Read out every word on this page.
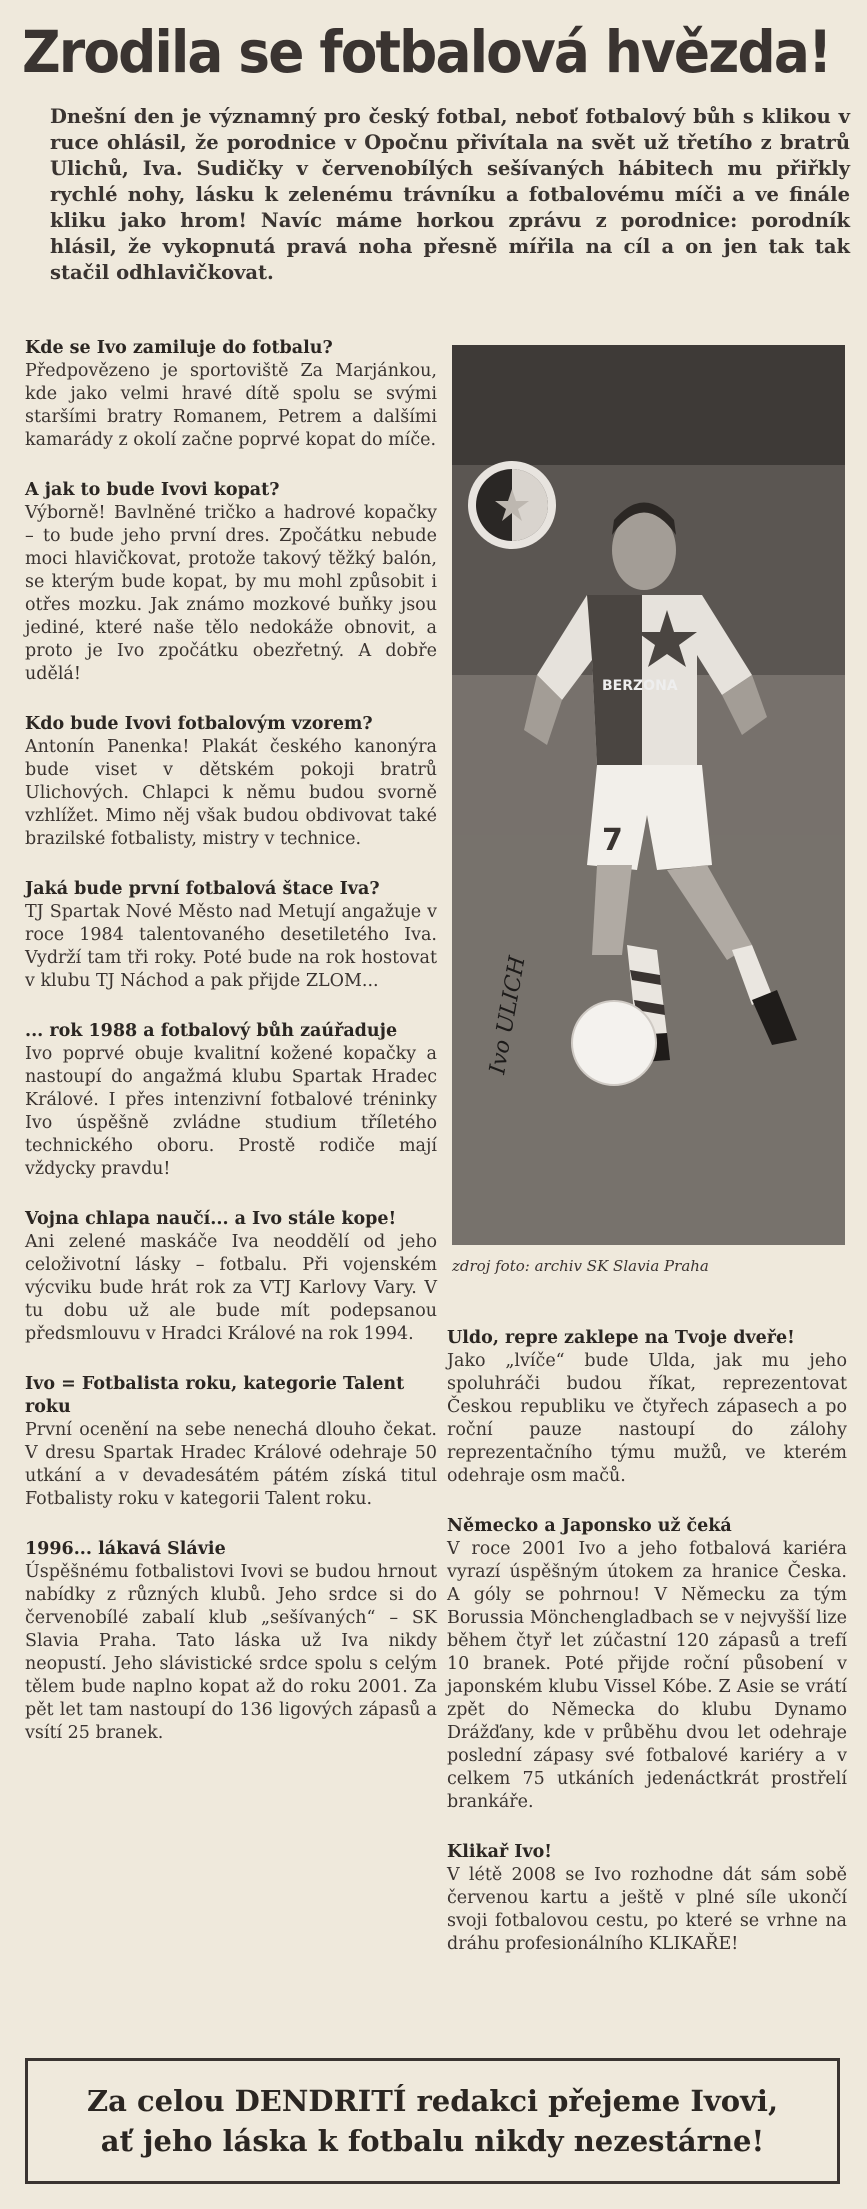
Zrodila se fotbalová hvězda!
Dnešní den je významný pro český fotbal, neboť fotbalový bůh s klikou v ruce ohlásil, že porodnice v Opočnu přivítala na svět už třetího z bratrů Ulichů, Iva. Sudičky v červenobílých sešívaných hábitech mu přiřkly rychlé nohy, lásku k zelenému trávníku a fotbalovému míči a ve finále kliku jako hrom! Navíc máme horkou zprávu z porodnice: porodník hlásil, že vykopnutá pravá noha přesně mířila na cíl a on jen tak tak stačil odhlavičkovat.
Kde se Ivo zamiluje do fotbalu?

Předpovězeno je sportoviště Za Marjánkou, kde jako velmi hravé dítě spolu se svými staršími bratry Romanem, Petrem a dalšími kamarády z okolí začne poprvé kopat do míče.

A jak to bude Ivovi kopat?

Výborně! Bavlněné tričko a hadrové kopačky – to bude jeho první dres. Zpočátku nebude moci hlavičkovat, protože takový těžký balón, se kterým bude kopat, by mu mohl způsobit i otřes mozku. Jak známo mozkové buňky jsou jediné, které naše tělo nedokáže obnovit, a proto je Ivo zpočátku obezřetný. A dobře udělá!

Kdo bude Ivovi fotbalovým vzorem?

Antonín Panenka! Plakát českého kanonýra bude viset v dětském pokoji bratrů Ulichových. Chlapci k němu budou svorně vzhlížet. Mimo něj však budou obdivovat také brazilské fotbalisty, mistry v technice.

Jaká bude první fotbalová štace Iva?

TJ Spartak Nové Město nad Metují angažuje v roce 1984 talentovaného desetiletého Iva. Vydrží tam tři roky. Poté bude na rok hostovat v klubu TJ Náchod a pak přijde ZLOM...

... rok 1988 a fotbalový bůh zaúřaduje

Ivo poprvé obuje kvalitní kožené kopačky a nastoupí do angažmá klubu Spartak Hradec Králové. I přes intenzivní fotbalové tréninky Ivo úspěšně zvládne studium tříletého technického oboru. Prostě rodiče mají vždycky pravdu!

Vojna chlapa naučí... a Ivo stále kope!

Ani zelené maskáče Iva neoddělí od jeho celoživotní lásky – fotbalu. Při vojenském výcviku bude hrát rok za VTJ Karlovy Vary. V tu dobu už ale bude mít podepsanou předsmlouvu v Hradci Králové na rok 1994.

Ivo = Fotbalista roku, kategorie Talent roku

První ocenění na sebe nenechá dlouho čekat. V dresu Spartak Hradec Králové odehraje 50 utkání a v devadesátém pátém získá titul Fotbalisty roku v kategorii Talent roku.

1996... lákavá Slávie

Úspěšnému fotbalistovi Ivovi se budou hrnout nabídky z různých klubů. Jeho srdce si do červenobílé zabalí klub „sešívaných“ – SK Slavia Praha. Tato láska už Iva nikdy neopustí. Jeho slávistické srdce spolu s celým tělem bude naplno kopat až do roku 2001. Za pět let tam nastoupí do 136 ligových zápasů a vsítí 25 branek.

BERZONA
7
Ivo ULICH
zdroj foto: archiv SK Slavia Praha
Uldo, repre zaklepe na Tvoje dveře!

Jako „lvíče“ bude Ulda, jak mu jeho spoluhráči budou říkat, reprezentovat Českou republiku ve čtyřech zápasech a po roční pauze nastoupí do zálohy reprezentačního týmu mužů, ve kterém odehraje osm mačů.

Německo a Japonsko už čeká

V roce 2001 Ivo a jeho fotbalová kariéra vyrazí úspěšným útokem za hranice Česka. A góly se pohrnou! V Německu za tým Borussia Mönchengladbach se v nejvyšší lize během čtyř let zúčastní 120 zápasů a trefí 10 branek. Poté přijde roční působení v japonském klubu Vissel Kóbe. Z Asie se vrátí zpět do Německa do klubu Dynamo Drážďany, kde v průběhu dvou let odehraje poslední zápasy své fotbalové kariéry a v celkem 75 utkáních jedenáctkrát prostřelí brankáře.

Klikař Ivo!

V létě 2008 se Ivo rozhodne dát sám sobě červenou kartu a ještě v plné síle ukončí svoji fotbalovou cestu, po které se vrhne na dráhu profesionálního KLIKAŘE!

Za celou DENDRITÍ redakci přejeme Ivovi,
ať jeho láska k fotbalu nikdy nezestárne!
